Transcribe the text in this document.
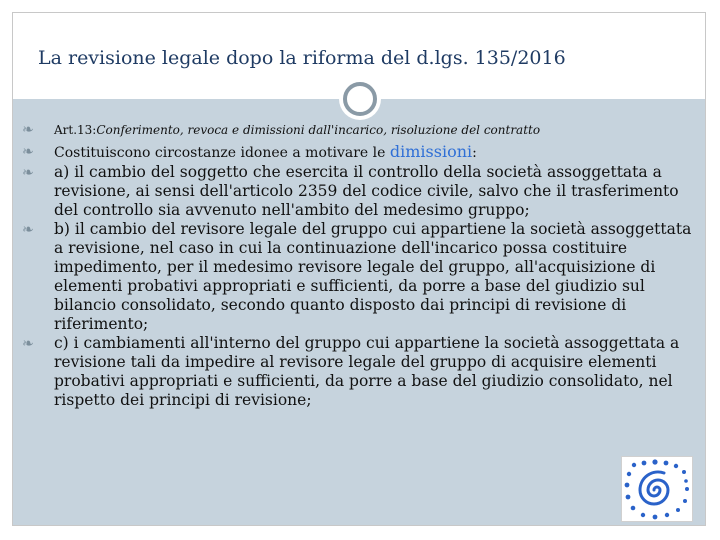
La revisione legale dopo la riforma del d.lgs. 135/2016
❧ Art.13:Conferimento, revoca e dimissioni dall'incarico, risoluzione del contratto
❧ Costituiscono circostanze idonee a motivare le dimissioni:
❧ a) il cambio del soggetto che esercita il controllo della società assoggettata a revisione, ai sensi dell'articolo 2359 del codice civile, salvo che il trasferimento del controllo sia avvenuto nell'ambito del medesimo gruppo;
❧ b) il cambio del revisore legale del gruppo cui appartiene la società assoggettata a revisione, nel caso in cui la continuazione dell'incarico possa costituire impedimento, per il medesimo revisore legale del gruppo, all'acquisizione di elementi probativi appropriati e sufficienti, da porre a base del giudizio sul bilancio consolidato, secondo quanto disposto dai principi di revisione di riferimento;
❧ c) i cambiamenti all'interno del gruppo cui appartiene la società assoggettata a revisione tali da impedire al revisore legale del gruppo di acquisire elementi probativi appropriati e sufficienti, da porre a base del giudizio consolidato, nel rispetto dei principi di revisione;
